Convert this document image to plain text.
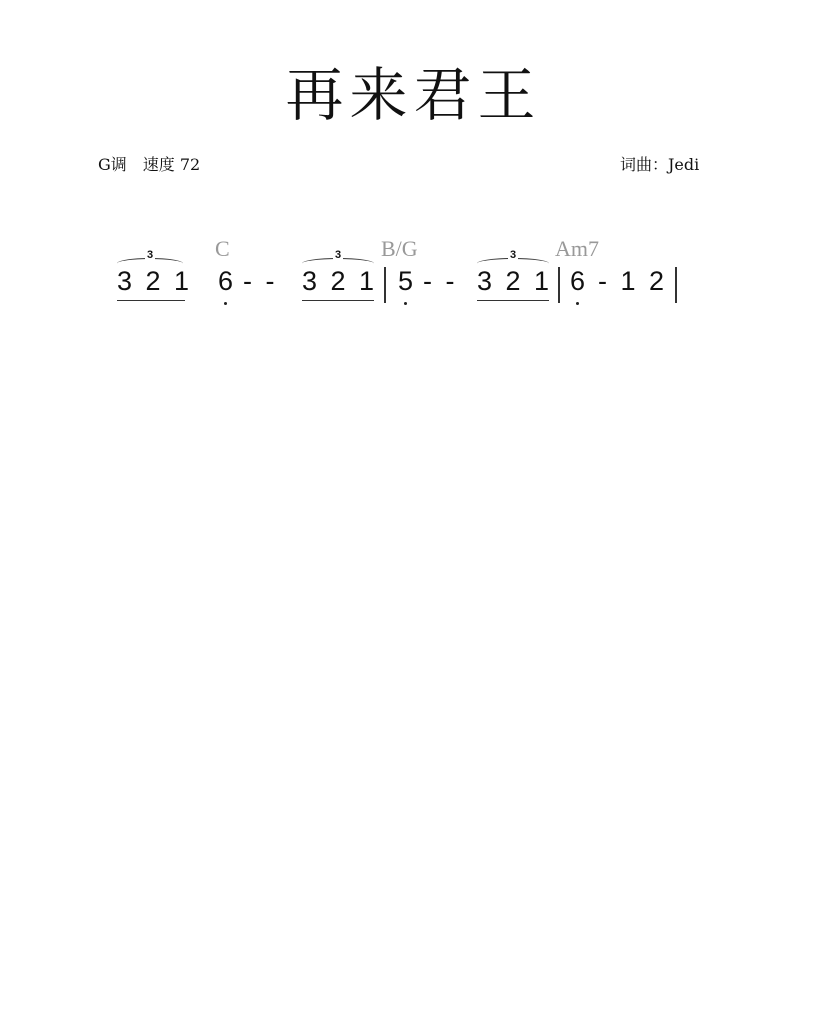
再来君王
G调　速度 72	词曲：Jedi
C	B/G	Am7
3	3	3
3 2 1 6 - - 3 2 1 5 - - 3 2 1 6 - 1 2
